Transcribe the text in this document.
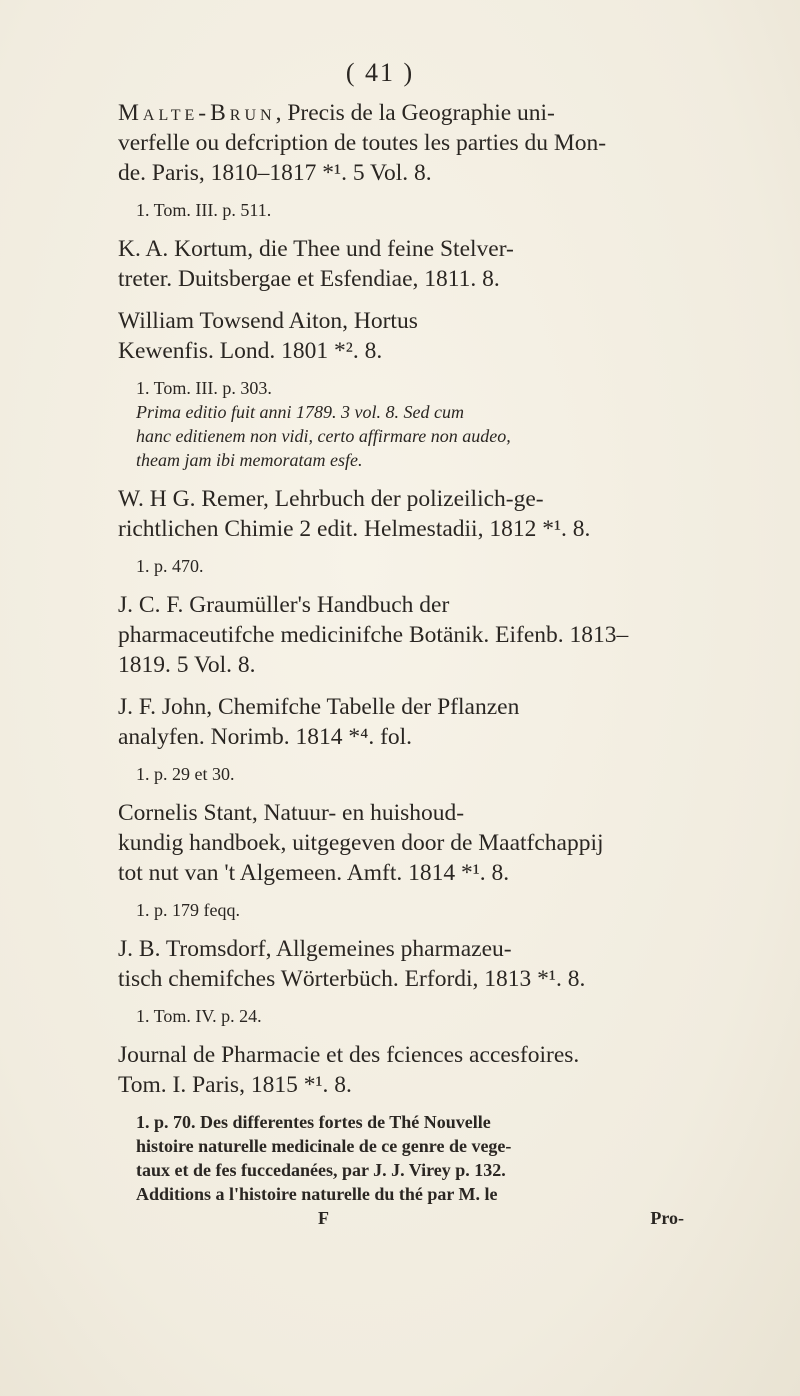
( 41 )

Malte-Brun, Precis de la Geographie uni-
verfelle ou defcription de toutes les parties du Mon-
de. Paris, 1810–1817 *¹. 5 Vol. 8.

1. Tom. III. p. 511.

K. A. Kortum, die Thee und feine Stelver-
treter. Duitsbergae et Esfendiae, 1811. 8.

William Towsend Aiton, Hortus
Kewenfis. Lond. 1801 *². 8.

1. Tom. III. p. 303.

Prima editio fuit anni 1789. 3 vol. 8. Sed cum

hanc editienem non vidi, certo affirmare non audeo,

theam jam ibi memoratam esfe.

W. H G. Remer, Lehrbuch der polizeilich-ge-
richtlichen Chimie 2 edit. Helmestadii, 1812 *¹. 8.

1. p. 470.

J. C. F. Graumüller's Handbuch der
pharmaceutifche medicinifche Botänik. Eifenb. 1813–
1819. 5 Vol. 8.

J. F. John, Chemifche Tabelle der Pflanzen
analyfen. Norimb. 1814 *⁴. fol.

1. p. 29 et 30.

Cornelis Stant, Natuur- en huishoud-
kundig handboek, uitgegeven door de Maatfchappij
tot nut van 't Algemeen. Amft. 1814 *¹. 8.

1. p. 179 feqq.

J. B. Tromsdorf, Allgemeines pharmazeu-
tisch chemifches Wörterbüch. Erfordi, 1813 *¹. 8.

1. Tom. IV. p. 24.

Journal de Pharmacie et des fciences accesfoires.
Tom. I. Paris, 1815 *¹. 8.

1. p. 70. Des differentes fortes de Thé Nouvelle

histoire naturelle medicinale de ce genre de vege-

taux et de fes fuccedanées, par J. J. Virey p. 132.

Additions a l'histoire naturelle du thé par M. le

F	Pro-
